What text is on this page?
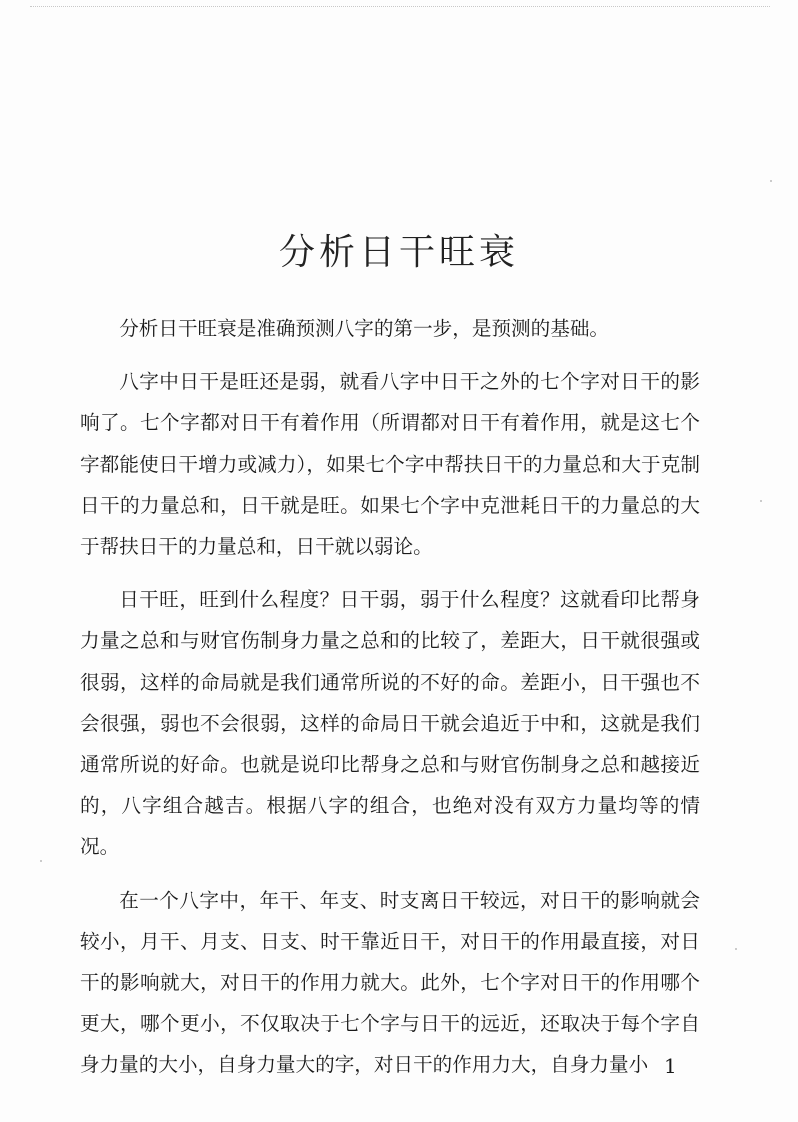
分析日干旺衰

分析日干旺衰是准确预测八字的第一步，是预测的基础。

八字中日干是旺还是弱，就看八字中日干之外的七个字对日干的影响了。七个字都对日干有着作用（所谓都对日干有着作用，就是这七个字都能使日干增力或减力），如果七个字中帮扶日干的力量总和大于克制日干的力量总和，日干就是旺。如果七个字中克泄耗日干的力量总的大于帮扶日干的力量总和，日干就以弱论。

日干旺，旺到什么程度？日干弱，弱于什么程度？这就看印比帮身力量之总和与财官伤制身力量之总和的比较了，差距大，日干就很强或很弱，这样的命局就是我们通常所说的不好的命。差距小，日干强也不会很强，弱也不会很弱，这样的命局日干就会追近于中和，这就是我们通常所说的好命。也就是说印比帮身之总和与财官伤制身之总和越接近的，八字组合越吉。根据八字的组合，也绝对没有双方力量均等的情况。

在一个八字中，年干、年支、时支离日干较远，对日干的影响就会较小，月干、月支、日支、时干靠近日干，对日干的作用最直接，对日干的影响就大，对日干的作用力就大。此外，七个字对日干的作用哪个更大，哪个更小，不仅取决于七个字与日干的远近，还取决于每个字自身力量的大小，自身力量大的字，对日干的作用力大，自身力量小 1
